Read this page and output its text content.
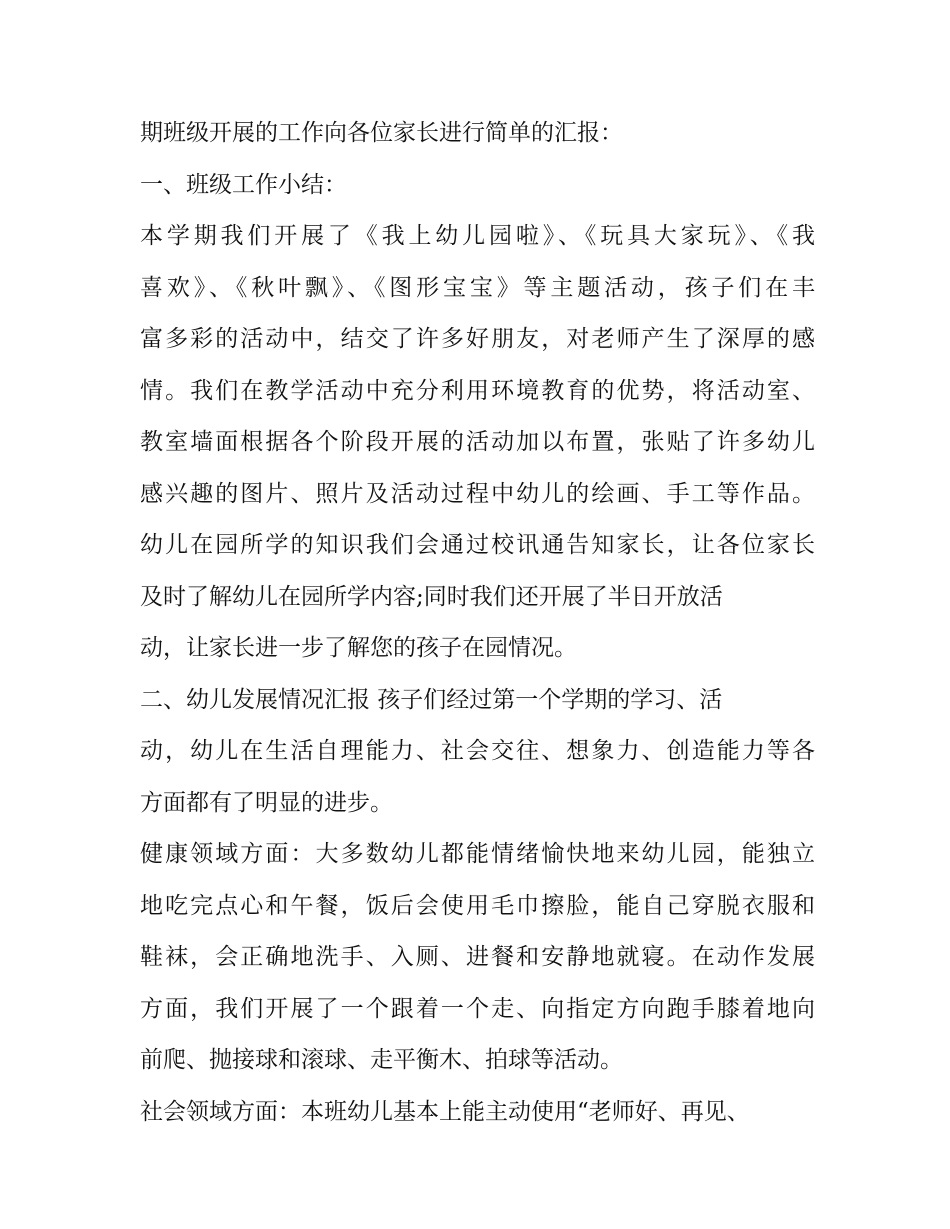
期班级开展的工作向各位家长进行简单的汇报：
一、班级工作小结：
本学期我们开展了《我上幼儿园啦》、《玩具大家玩》、《我
喜欢》、《秋叶飘》、《图形宝宝》等主题活动，孩子们在丰
富多彩的活动中，结交了许多好朋友，对老师产生了深厚的感
情。我们在教学活动中充分利用环境教育的优势，将活动室、
教室墙面根据各个阶段开展的活动加以布置，张贴了许多幼儿
感兴趣的图片、照片及活动过程中幼儿的绘画、手工等作品。
幼儿在园所学的知识我们会通过校讯通告知家长，让各位家长
及时了解幼儿在园所学内容;同时我们还开展了半日开放活
动，让家长进一步了解您的孩子在园情况。
二、幼儿发展情况汇报 孩子们经过第一个学期的学习、活
动，幼儿在生活自理能力、社会交往、想象力、创造能力等各
方面都有了明显的进步。
健康领域方面：大多数幼儿都能情绪愉快地来幼儿园，能独立
地吃完点心和午餐，饭后会使用毛巾擦脸，能自己穿脱衣服和
鞋袜，会正确地洗手、入厕、进餐和安静地就寝。在动作发展
方面，我们开展了一个跟着一个走、向指定方向跑手膝着地向
前爬、抛接球和滚球、走平衡木、拍球等活动。
社会领域方面：本班幼儿基本上能主动使用“老师好、再见、
